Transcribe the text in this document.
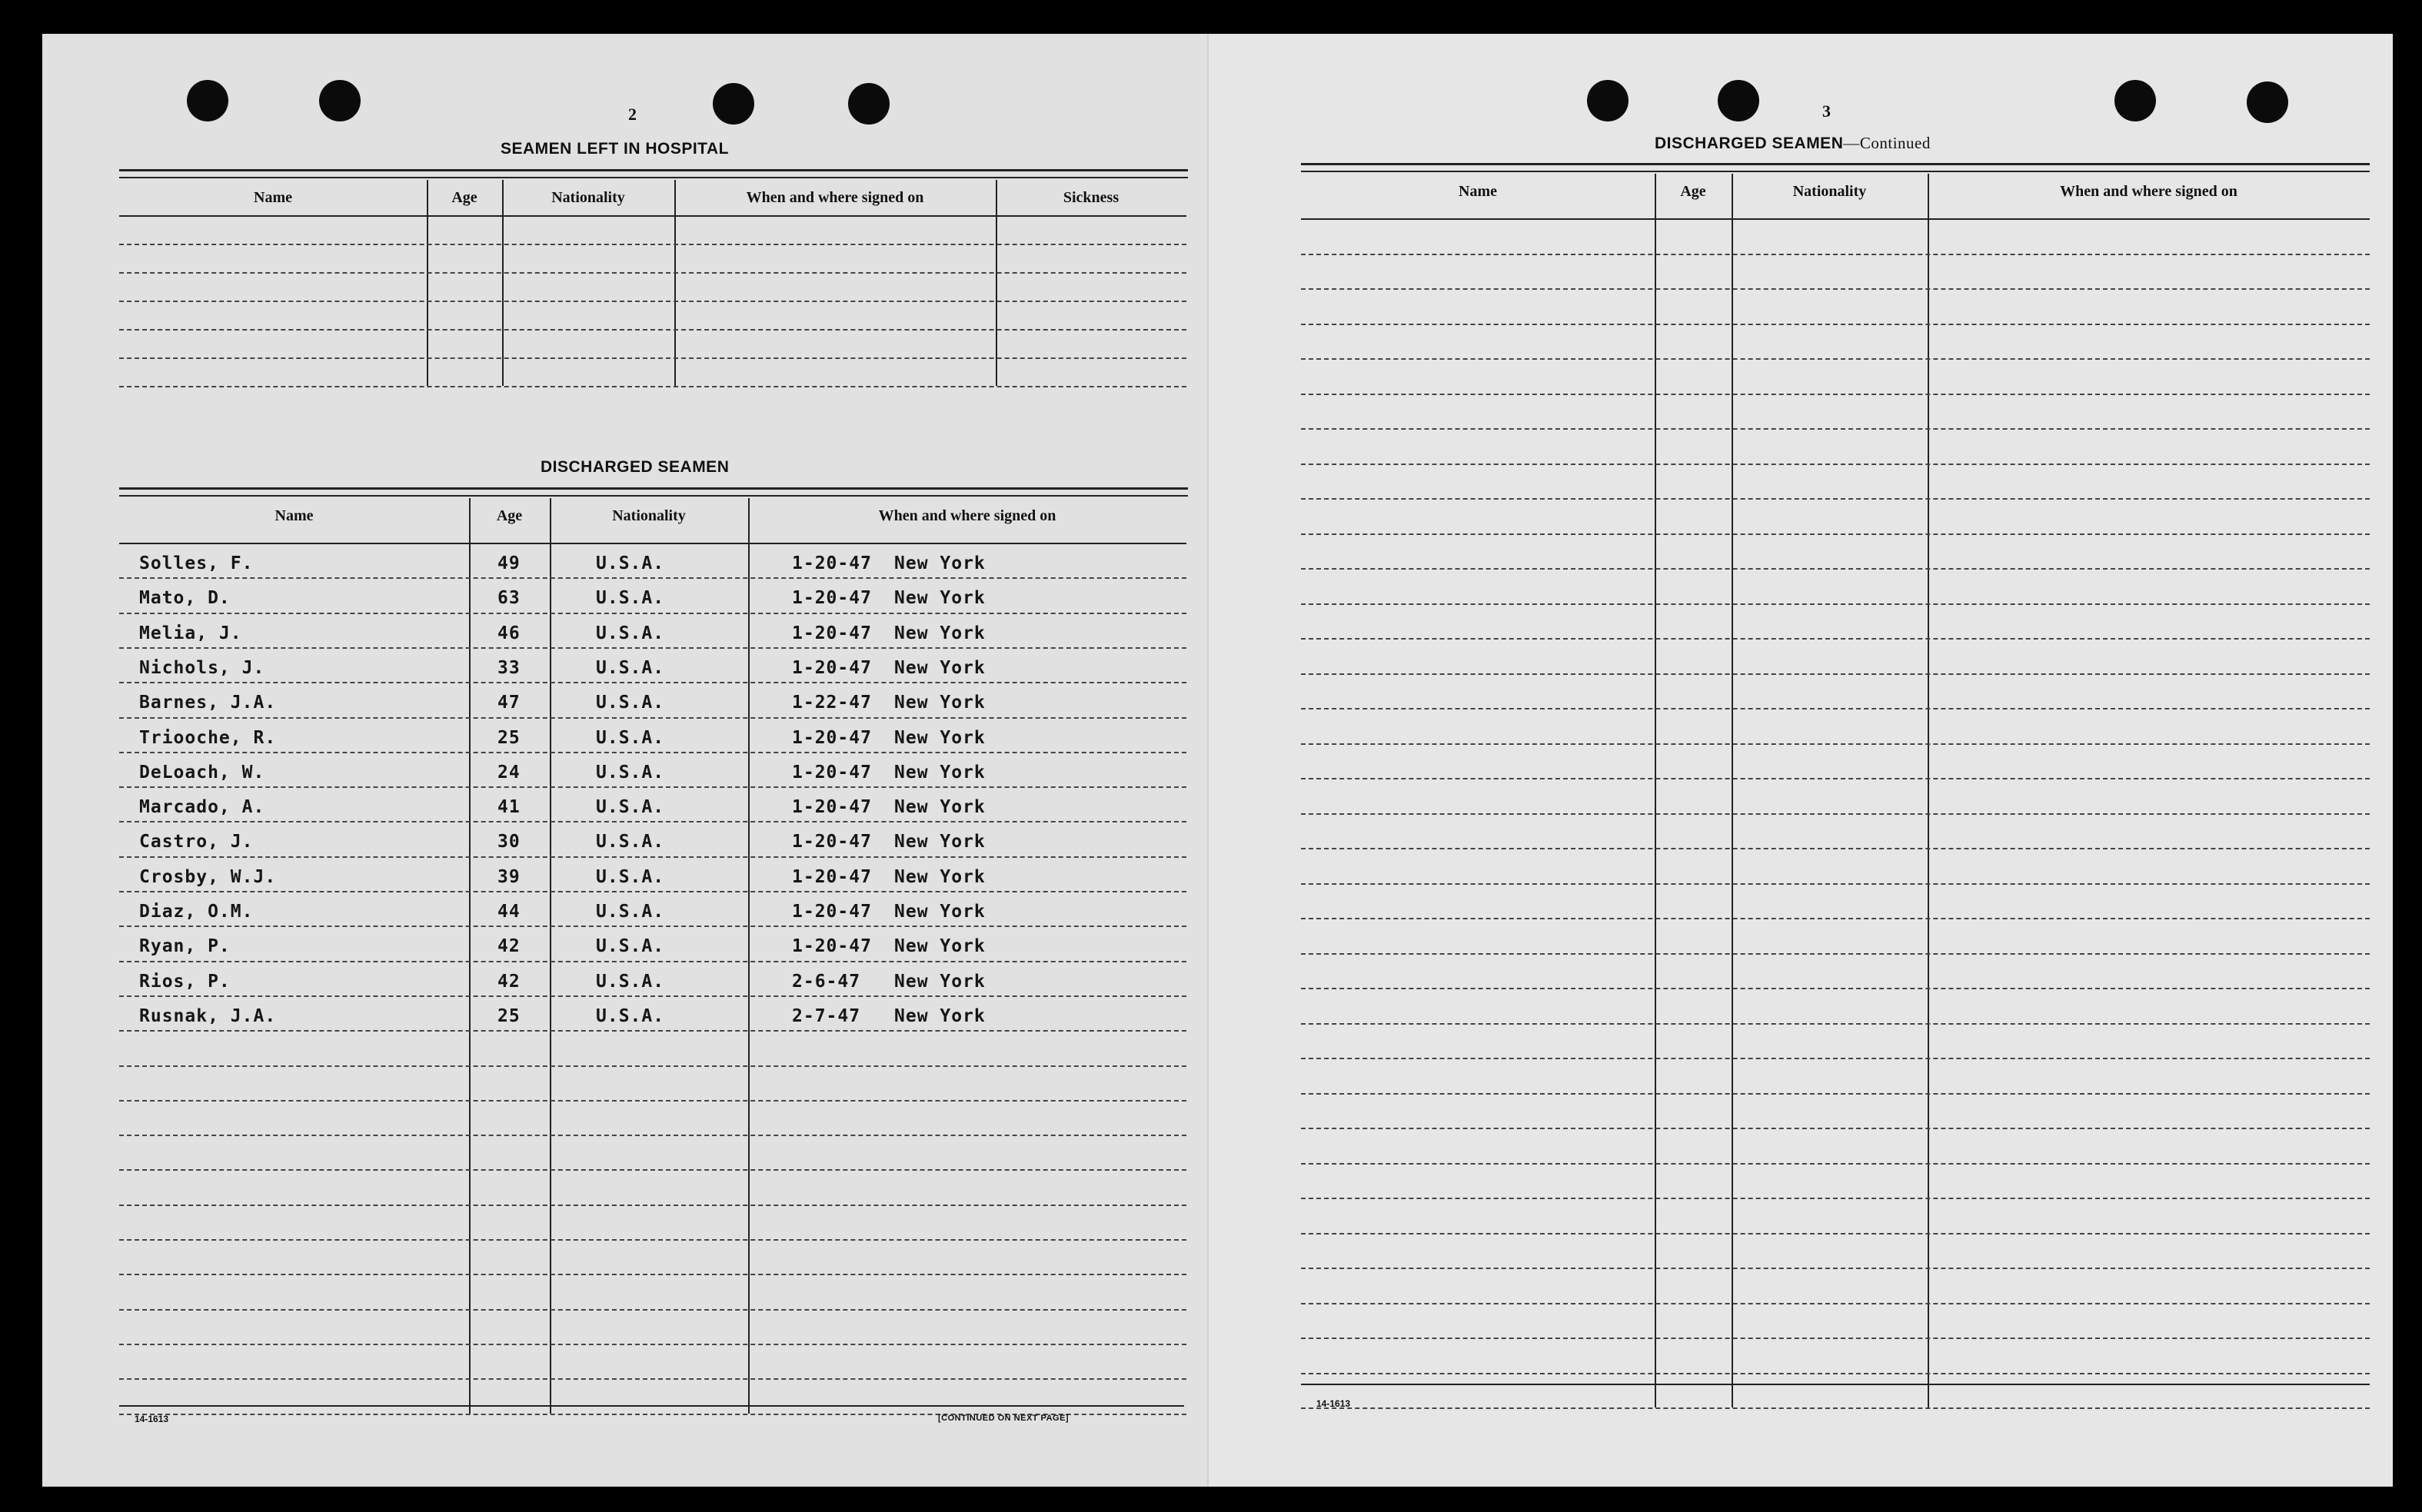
2
SEAMEN LEFT IN HOSPITAL
Name	Age	Nationality	When and where signed on	Sickness
DISCHARGED SEAMEN
Name	Age	Nationality	When and where signed on
Solles, F.	49	U.S.A.	1-20-47 New York
Mato, D.	63	U.S.A.	1-20-47 New York
Melia, J.	46	U.S.A.	1-20-47 New York
Nichols, J.	33	U.S.A.	1-20-47 New York
Barnes, J.A.	47	U.S.A.	1-22-47 New York
Triooche, R.	25	U.S.A.	1-20-47 New York
DeLoach, W.	24	U.S.A.	1-20-47 New York
Marcado, A.	41	U.S.A.	1-20-47 New York
Castro, J.	30	U.S.A.	1-20-47 New York
Crosby, W.J.	39	U.S.A.	1-20-47 New York
Diaz, O.M.	44	U.S.A.	1-20-47 New York
Ryan, P.	42	U.S.A.	1-20-47 New York
Rios, P.	42	U.S.A.	2-6-47 New York
Rusnak, J.A.	25	U.S.A.	2-7-47 New York
14-1613	[CONTINUED ON NEXT PAGE]
3
DISCHARGED SEAMEN—Continued
Name	Age	Nationality	When and where signed on
14-1613
